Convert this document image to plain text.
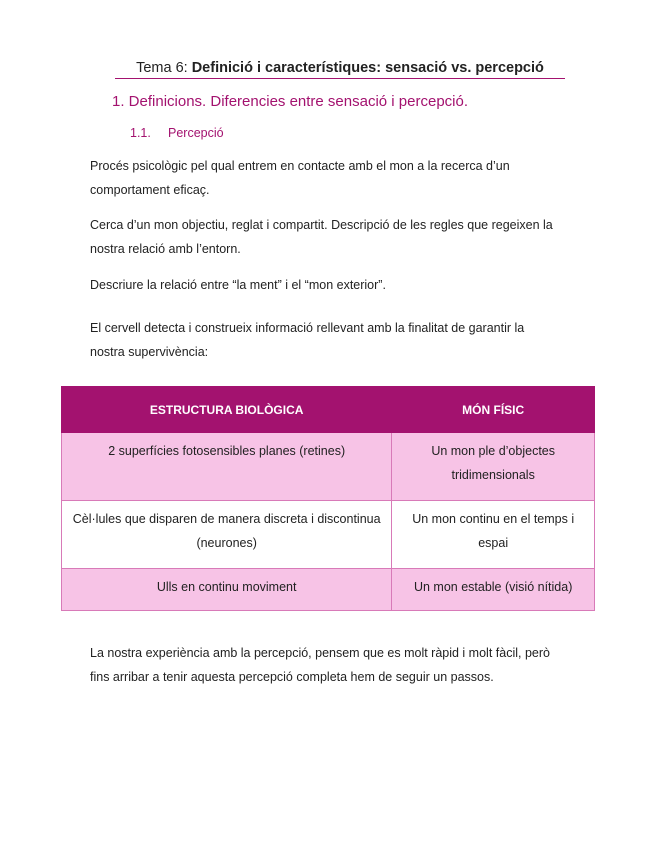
Tema 6: Definició i característiques: sensació vs. percepció
1. Definicions. Diferencies entre sensació i percepció.
1.1. Percepció

Procés psicològic pel qual entrem en contacte amb el mon a la recerca d’un comportament eficaç.

Cerca d’un mon objectiu, reglat i compartit. Descripció de les regles que regeixen la nostra relació amb l’entorn.

Descriure la relació entre “la ment” i el “mon exterior”.

El cervell detecta i construeix informació rellevant amb la finalitat de garantir la nostra supervivència:

ESTRUCTURA BIOLÒGICA	MÓN FÍSIC
2 superfícies fotosensibles planes (retines)	Un mon ple d’objectes tridimensionals
Cèl·lules que disparen de manera discreta i discontinua (neurones)	Un mon continu en el temps i espai
Ulls en continu moviment	Un mon estable (visió nítida)

La nostra experiència amb la percepció, pensem que es molt ràpid i molt fàcil, però fins arribar a tenir aquesta percepció completa hem de seguir un passos.
